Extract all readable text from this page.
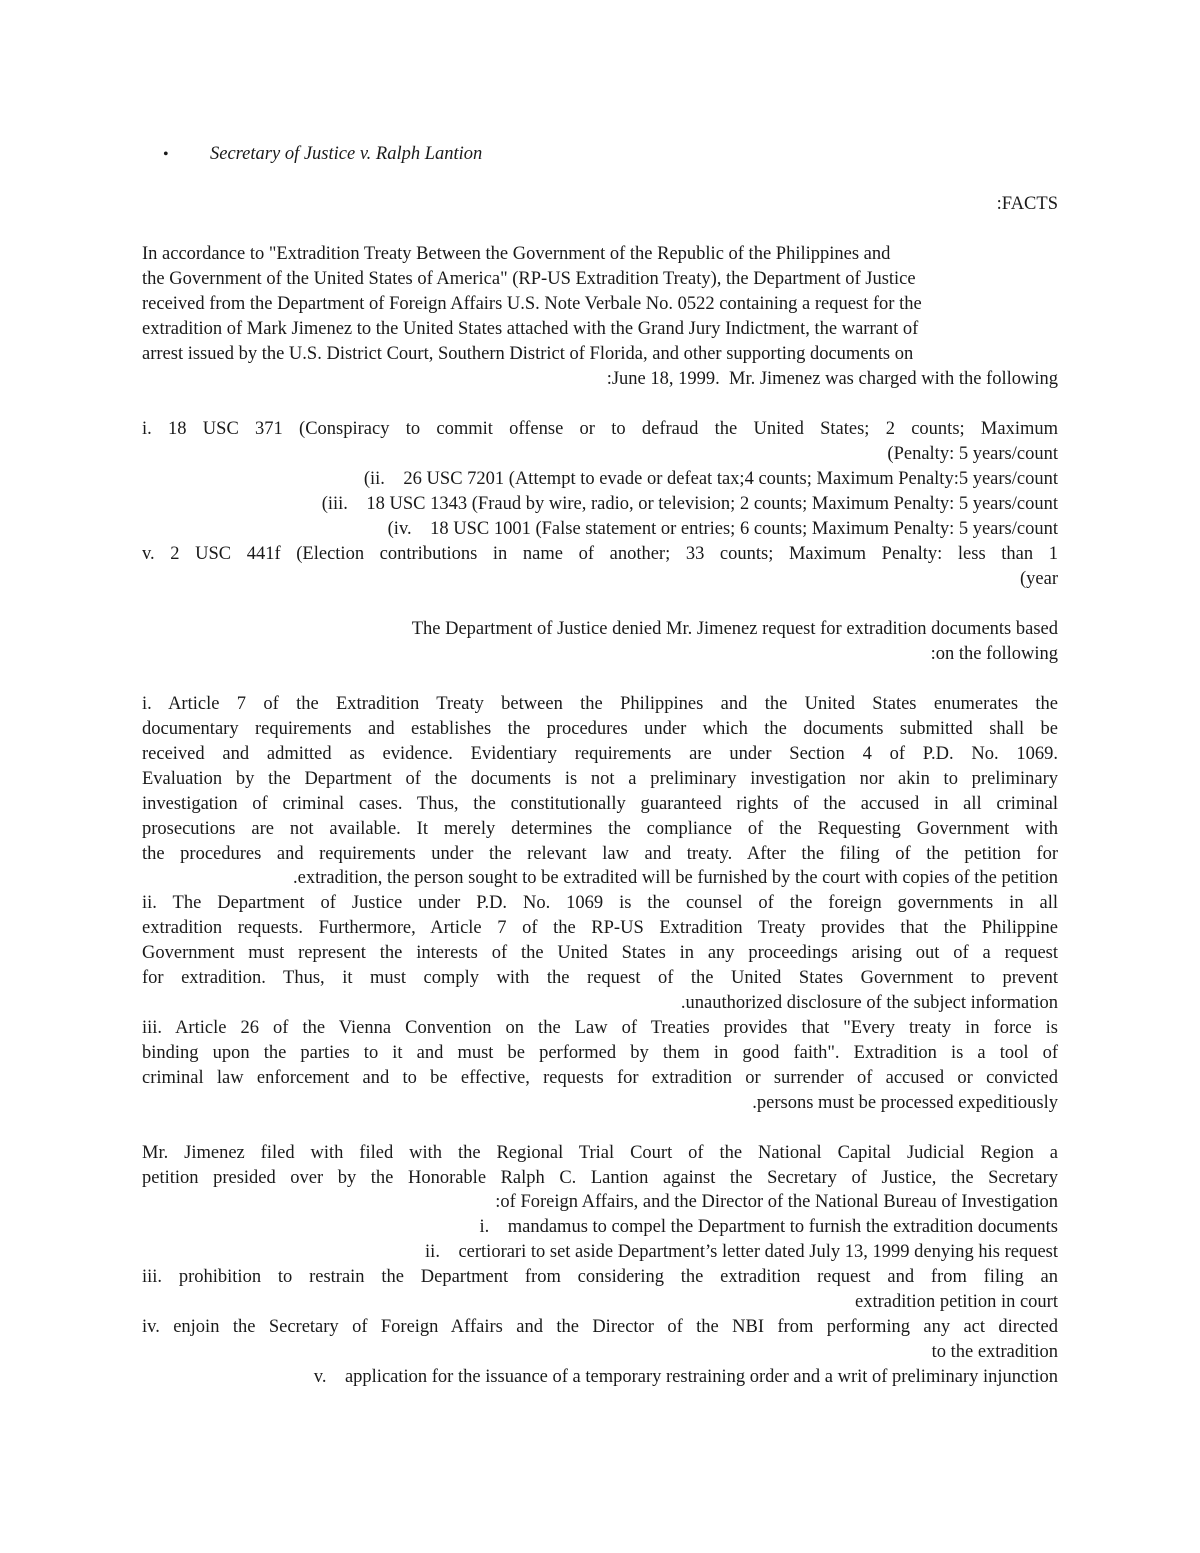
• Secretary of Justice v. Ralph Lantion
:FACTS
In accordance to "Extradition Treaty Between the Government of the Republic of the Philippines and
the Government of the United States of America" (RP-US Extradition Treaty), the Department of Justice
received from the Department of Foreign Affairs U.S. Note Verbale No. 0522 containing a request for the
extradition of Mark Jimenez to the United States attached with the Grand Jury Indictment, the warrant of
arrest issued by the U.S. District Court, Southern District of Florida, and other supporting documents on
:June 18, 1999.  Mr. Jimenez was charged with the following
i. 18 USC 371 (Conspiracy to commit offense or to defraud the United States; 2 counts; Maximum
(Penalty: 5 years/count
(ii.    26 USC 7201 (Attempt to evade or defeat tax;4 counts; Maximum Penalty:5 years/count
(iii.    18 USC 1343 (Fraud by wire, radio, or television; 2 counts; Maximum Penalty: 5 years/count
(iv.    18 USC 1001 (False statement or entries; 6 counts; Maximum Penalty: 5 years/count
v. 2 USC 441f (Election contributions in name of another; 33 counts; Maximum Penalty: less than 1
(year
The Department of Justice denied Mr. Jimenez request for extradition documents based
:on the following
i. Article 7 of the Extradition Treaty between the Philippines and the United States enumerates the
documentary requirements and establishes the procedures under which the documents submitted shall be
received and admitted as evidence. Evidentiary requirements are under Section 4 of P.D. No. 1069.
Evaluation by the Department of the documents is not a preliminary investigation nor akin to preliminary
investigation of criminal cases. Thus, the constitutionally guaranteed rights of the accused in all criminal
prosecutions are not available. It merely determines the compliance of the Requesting Government with
the procedures and requirements under the relevant law and treaty. After the filing of the petition for
.extradition, the person sought to be extradited will be furnished by the court with copies of the petition
ii. The Department of Justice under P.D. No. 1069 is the counsel of the foreign governments in all
extradition requests. Furthermore, Article 7 of the RP-US Extradition Treaty provides that the Philippine
Government must represent the interests of the United States in any proceedings arising out of a request
for extradition. Thus, it must comply with the request of the United States Government to prevent
.unauthorized disclosure of the subject information
iii. Article 26 of the Vienna Convention on the Law of Treaties provides that "Every treaty in force is
binding upon the parties to it and must be performed by them in good faith". Extradition is a tool of
criminal law enforcement and to be effective, requests for extradition or surrender of accused or convicted
.persons must be processed expeditiously
Mr. Jimenez filed with filed with the Regional Trial Court of the National Capital Judicial Region a
petition presided over by the Honorable Ralph C. Lantion against the Secretary of Justice, the Secretary
:of Foreign Affairs, and the Director of the National Bureau of Investigation
i.    mandamus to compel the Department to furnish the extradition documents
ii.    certiorari to set aside Department’s letter dated July 13, 1999 denying his request
iii. prohibition to restrain the Department from considering the extradition request and from filing an
extradition petition in court
iv. enjoin the Secretary of Foreign Affairs and the Director of the NBI from performing any act directed
to the extradition
v.    application for the issuance of a temporary restraining order and a writ of preliminary injunction
